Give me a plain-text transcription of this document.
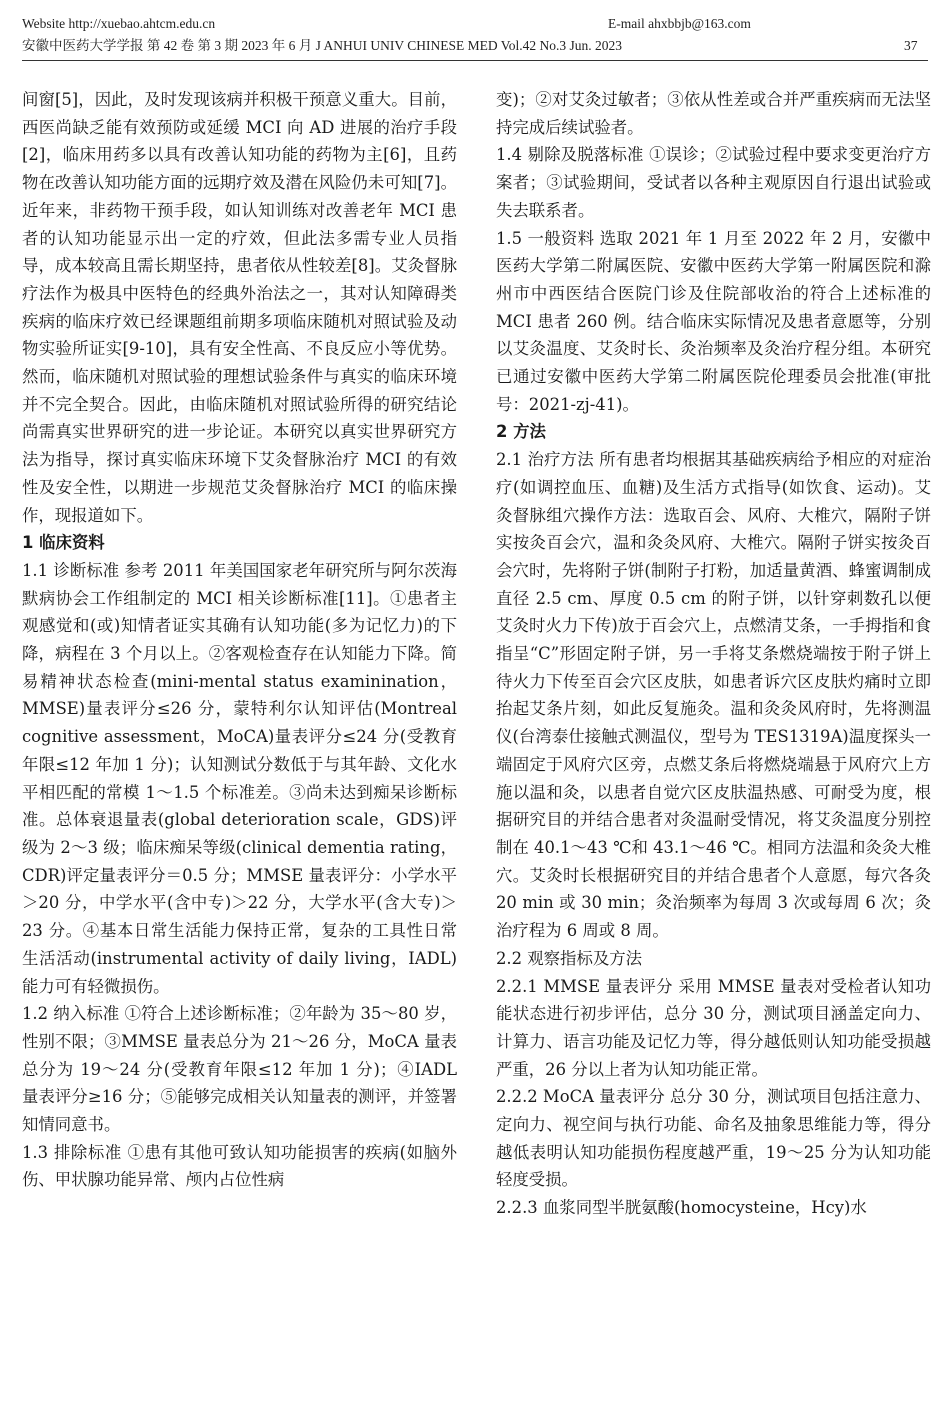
Website http://xuebao.ahtcm.edu.cn	E-mail ahxbbjb@163.com
安徽中医药大学学报 第 42 卷 第 3 期 2023 年 6 月 J ANHUI UNIV CHINESE MED Vol.42 No.3 Jun. 2023	37

间窗[5]，因此，及时发现该病并积极干预意义重大。目前，西医尚缺乏能有效预防或延缓 MCI 向 AD 进展的治疗手段[2]，临床用药多以具有改善认知功能的药物为主[6]，且药物在改善认知功能方面的远期疗效及潜在风险仍未可知[7]。近年来，非药物干预手段，如认知训练对改善老年 MCI 患者的认知功能显示出一定的疗效，但此法多需专业人员指导，成本较高且需长期坚持，患者依从性较差[8]。艾灸督脉疗法作为极具中医特色的经典外治法之一，其对认知障碍类疾病的临床疗效已经课题组前期多项临床随机对照试验及动物实验所证实[9-10]，具有安全性高、不良反应小等优势。然而，临床随机对照试验的理想试验条件与真实的临床环境并不完全契合。因此，由临床随机对照试验所得的研究结论尚需真实世界研究的进一步论证。本研究以真实世界研究方法为指导，探讨真实临床环境下艾灸督脉治疗 MCI 的有效性及安全性，以期进一步规范艾灸督脉治疗 MCI 的临床操作，现报道如下。

1 临床资料

1.1 诊断标准 参考 2011 年美国国家老年研究所与阿尔茨海默病协会工作组制定的 MCI 相关诊断标准[11]。①患者主观感觉和(或)知情者证实其确有认知功能(多为记忆力)的下降，病程在 3 个月以上。②客观检查存在认知能力下降。简易精神状态检查(mini-mental status examinination，MMSE)量表评分≤26 分，蒙特利尔认知评估(Montreal cognitive assessment，MoCA)量表评分≤24 分(受教育年限≤12 年加 1 分)；认知测试分数低于与其年龄、文化水平相匹配的常模 1～1.5 个标准差。③尚未达到痴呆诊断标准。总体衰退量表(global deterioration scale，GDS)评级为 2～3 级；临床痴呆等级(clinical dementia rating，CDR)评定量表评分＝0.5 分；MMSE 量表评分：小学水平＞20 分，中学水平(含中专)＞22 分，大学水平(含大专)＞23 分。④基本日常生活能力保持正常，复杂的工具性日常生活活动(instrumental activity of daily living，IADL)能力可有轻微损伤。

1.2 纳入标准 ①符合上述诊断标准；②年龄为 35～80 岁，性别不限；③MMSE 量表总分为 21～26 分，MoCA 量表总分为 19～24 分(受教育年限≤12 年加 1 分)；④IADL 量表评分≥16 分；⑤能够完成相关认知量表的测评，并签署知情同意书。

1.3 排除标准 ①患有其他可致认知功能损害的疾病(如脑外伤、甲状腺功能异常、颅内占位性病

变)；②对艾灸过敏者；③依从性差或合并严重疾病而无法坚持完成后续试验者。

1.4 剔除及脱落标准 ①误诊；②试验过程中要求变更治疗方案者；③试验期间，受试者以各种主观原因自行退出试验或失去联系者。

1.5 一般资料 选取 2021 年 1 月至 2022 年 2 月，安徽中医药大学第二附属医院、安徽中医药大学第一附属医院和滁州市中西医结合医院门诊及住院部收治的符合上述标准的 MCI 患者 260 例。结合临床实际情况及患者意愿等，分别以艾灸温度、艾灸时长、灸治频率及灸治疗程分组。本研究已通过安徽中医药大学第二附属医院伦理委员会批准(审批号：2021-zj-41)。

2 方法

2.1 治疗方法 所有患者均根据其基础疾病给予相应的对症治疗(如调控血压、血糖)及生活方式指导(如饮食、运动)。艾灸督脉组穴操作方法：选取百会、风府、大椎穴，隔附子饼实按灸百会穴，温和灸灸风府、大椎穴。隔附子饼实按灸百会穴时，先将附子饼(制附子打粉，加适量黄酒、蜂蜜调制成直径 2.5 cm、厚度 0.5 cm 的附子饼，以针穿刺数孔以便艾灸时火力下传)放于百会穴上，点燃清艾条，一手拇指和食指呈“C”形固定附子饼，另一手将艾条燃烧端按于附子饼上待火力下传至百会穴区皮肤，如患者诉穴区皮肤灼痛时立即抬起艾条片刻，如此反复施灸。温和灸灸风府时，先将测温仪(台湾泰仕接触式测温仪，型号为 TES1319A)温度探头一端固定于风府穴区旁，点燃艾条后将燃烧端悬于风府穴上方施以温和灸，以患者自觉穴区皮肤温热感、可耐受为度，根据研究目的并结合患者对灸温耐受情况，将艾灸温度分别控制在 40.1～43 ℃和 43.1～46 ℃。相同方法温和灸灸大椎穴。艾灸时长根据研究目的并结合患者个人意愿，每穴各灸 20 min 或 30 min；灸治频率为每周 3 次或每周 6 次；灸治疗程为 6 周或 8 周。

2.2 观察指标及方法

2.2.1 MMSE 量表评分 采用 MMSE 量表对受检者认知功能状态进行初步评估，总分 30 分，测试项目涵盖定向力、计算力、语言功能及记忆力等，得分越低则认知功能受损越严重，26 分以上者为认知功能正常。

2.2.2 MoCA 量表评分 总分 30 分，测试项目包括注意力、定向力、视空间与执行功能、命名及抽象思维能力等，得分越低表明认知功能损伤程度越严重，19～25 分为认知功能轻度受损。

2.2.3 血浆同型半胱氨酸(homocysteine，Hcy)水
